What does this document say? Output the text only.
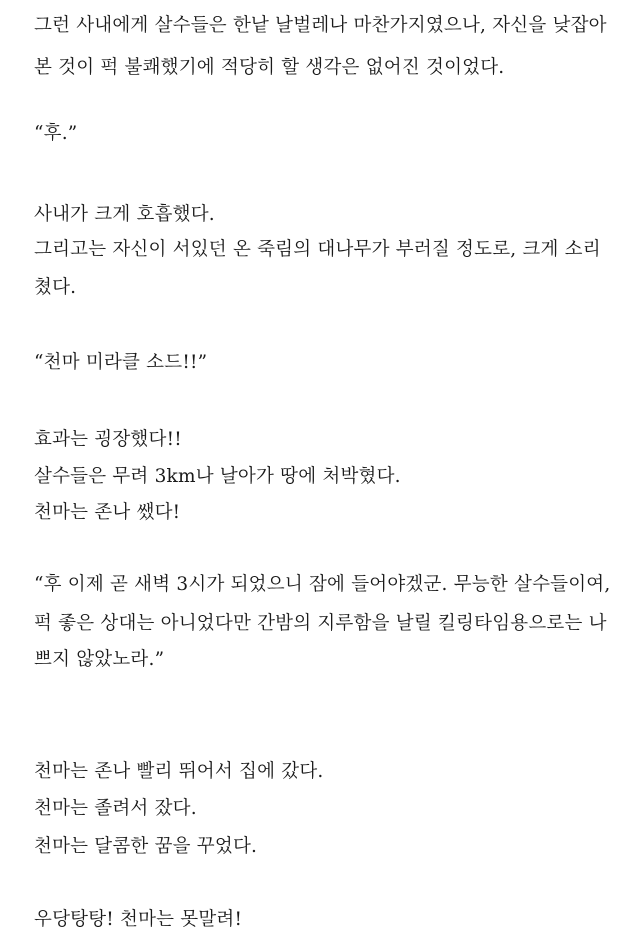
그런 사내에게 살수들은 한낱 날벌레나 마찬가지였으나, 자신을 낮잡아
본 것이 퍽 불쾌했기에 적당히 할 생각은 없어진 것이었다.
“후.”
사내가 크게 호흡했다.
그리고는 자신이 서있던 온 죽림의 대나무가 부러질 정도로, 크게 소리
쳤다.
“천마 미라클 소드!!”
효과는 굉장했다!!
살수들은 무려 3km나 날아가 땅에 처박혔다.
천마는 존나 쌨다!
“후 이제 곧 새벽 3시가 되었으니 잠에 들어야겠군. 무능한 살수들이여,
퍽 좋은 상대는 아니었다만 간밤의 지루함을 날릴 킬링타임용으로는 나
쁘지 않았노라.”
천마는 존나 빨리 뛰어서 집에 갔다.
천마는 졸려서 잤다.
천마는 달콤한 꿈을 꾸었다.
우당탕탕! 천마는 못말려!
